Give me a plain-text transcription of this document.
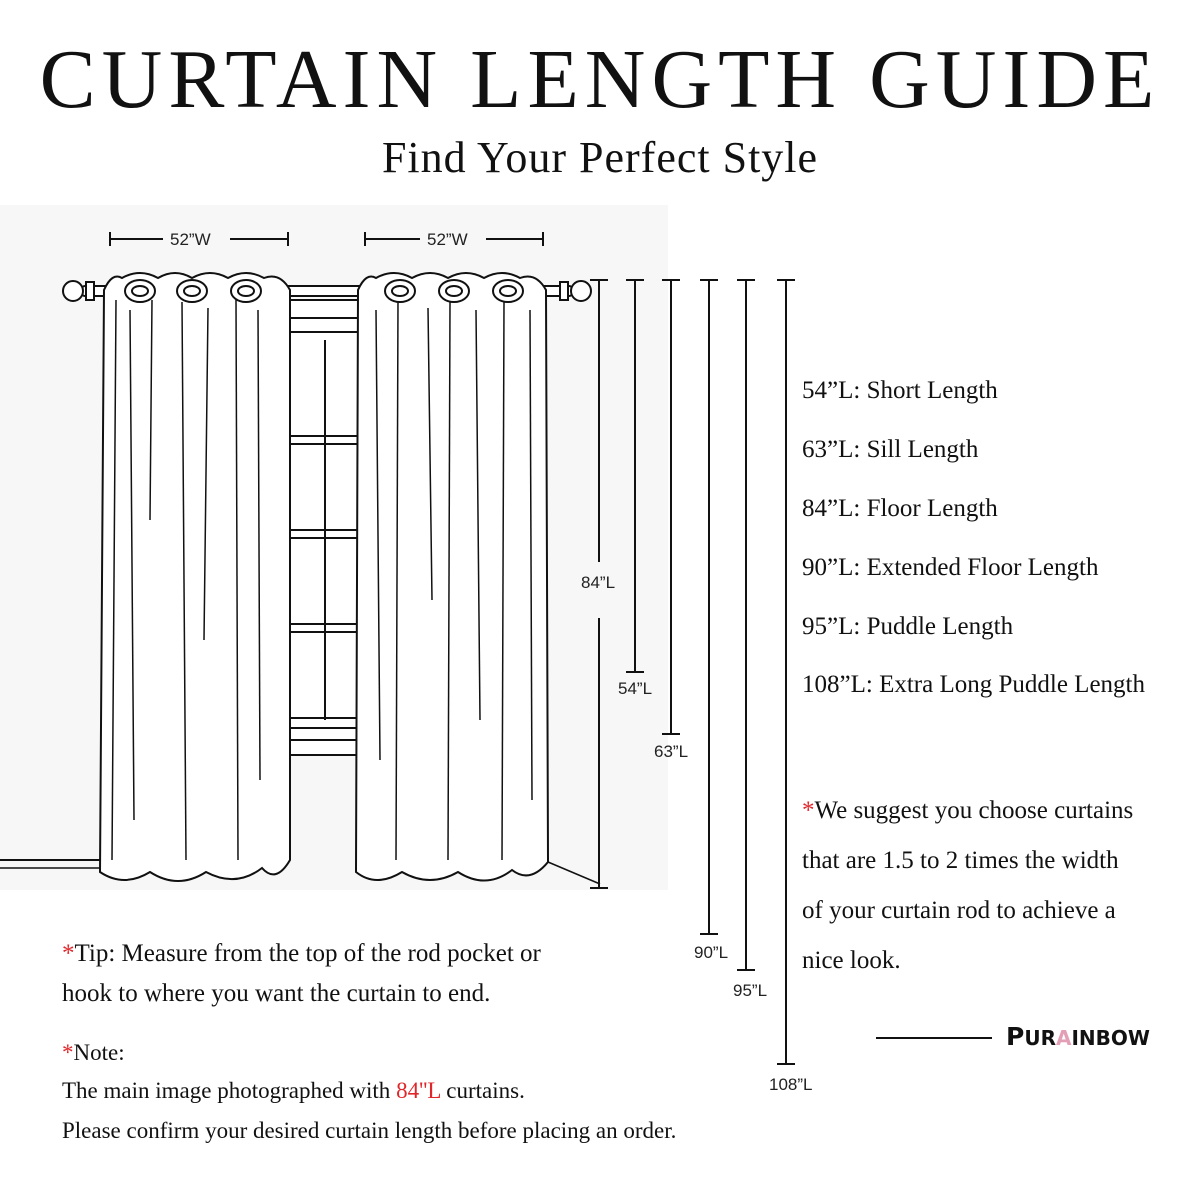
CURTAIN LENGTH GUIDE
Find Your Perfect Style
52”W	52”W
84”L
54”L
63”L
90”L
95”L
108”L
54”L: Short Length
63”L: Sill Length
84”L: Floor Length
90”L: Extended Floor Length
95”L: Puddle Length
108”L: Extra Long Puddle Length
*We suggest you choose curtains
that are 1.5 to 2 times the width
of your curtain rod to achieve a
nice look.
*Tip: Measure from the top of the rod pocket or
hook to where you want the curtain to end.
*Note:
The main image photographed with 84''L curtains.
Please confirm your desired curtain length before placing an order.
PURAINBOW
